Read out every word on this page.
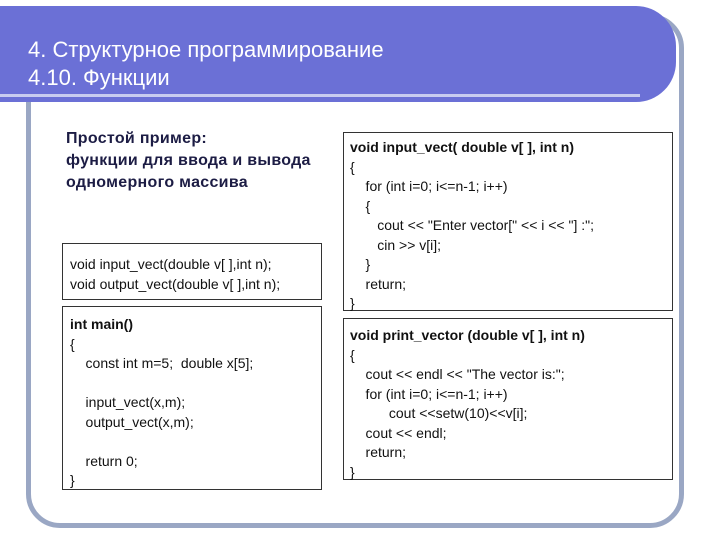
4. Структурное программирование
4.10. Функции
Простой пример:
функции для ввода и вывода
одномерного массива
void input_vect(double v[ ],int n);
void output_vect(double v[ ],int n);
int main()
{
const int m=5;  double x[5];

input_vect(x,m);
output_vect(x,m);

return 0;
}
void input_vect( double v[ ], int n)
{
for (int i=0; i<=n-1; i++)
{
cout << "Enter vector[" << i << "] :";
cin >> v[i];
}
return;
}
void print_vector (double v[ ], int n)
{
cout << endl << "The vector is:";
for (int i=0; i<=n-1; i++)
cout <<setw(10)<<v[i];
cout << endl;
return;
}
